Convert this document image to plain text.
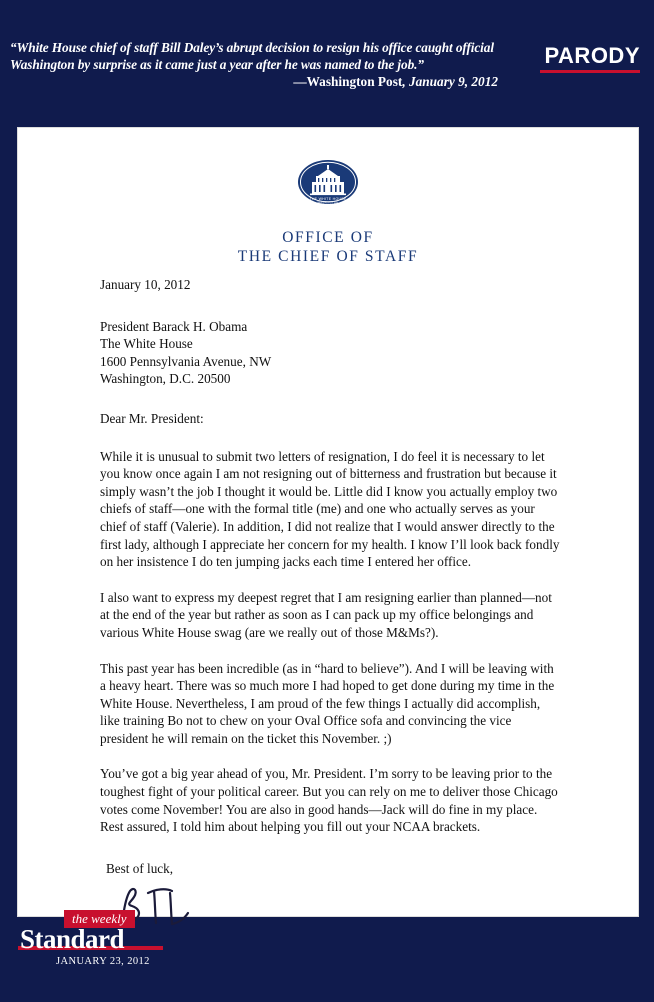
“White House chief of staff Bill Daley’s abrupt decision to resign his office caught official Washington by surprise as it came just a year after he was named to the job.”

—Washington Post, January 9, 2012

PARODY
THE WHITE HOUSE
WASHINGTON
OFFICE OF
THE CHIEF OF STAFF

January 10, 2012

President Barack H. Obama

The White House

1600 Pennsylvania Avenue, NW

Washington, D.C. 20500

Dear Mr. President:

While it is unusual to submit two letters of resignation, I do feel it is necessary to let you know once again I am not resigning out of bitterness and frustration but because it simply wasn’t the job I thought it would be. Little did I know you actually employ two chiefs of staff—one with the formal title (me) and one who actually serves as your chief of staff (Valerie). In addition, I did not realize that I would answer directly to the first lady, although I appreciate her concern for my health. I know I’ll look back fondly on her insistence I do ten jumping jacks each time I entered her office.

I also want to express my deepest regret that I am resigning earlier than planned—not at the end of the year but rather as soon as I can pack up my office belongings and various White House swag (are we really out of those M&Ms?).

This past year has been incredible (as in “hard to believe”). And I will be leaving with a heavy heart. There was so much more I had hoped to get done during my time in the White House. Nevertheless, I am proud of the few things I actually did accomplish, like training Bo not to chew on your Oval Office sofa and convincing the vice president he will remain on the ticket this November. ;)

You’ve got a big year ahead of you, Mr. President. I’m sorry to be leaving prior to the toughest fight of your political career. But you can rely on me to deliver those Chicago votes come November! You are also in good hands—Jack will do fine in my place. Rest assured, I told him about helping you fill out your NCAA brackets.

Best of luck,

the weekly
Standard
JANUARY 23, 2012
